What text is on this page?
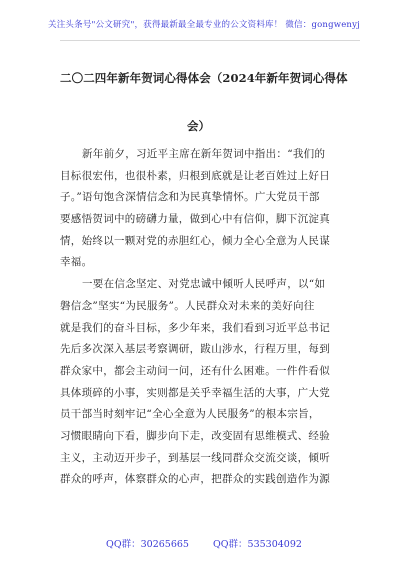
关注头条号"公文研究"，获得最新最全最专业的公文资料库！ 微信：gongwenyj
二〇二四年新年贺词心得体会（2024年新年贺词心得体
会）
新年前夕，习近平主席在新年贺词中指出：“我们的
目标很宏伟，也很朴素，归根到底就是让老百姓过上好日
子。”语句饱含深情信念和为民真挚情怀。广大党员干部
要感悟贺词中的磅礴力量，做到心中有信仰，脚下沉淀真
情，始终以一颗对党的赤胆红心，倾力全心全意为人民谋
幸福。
一要在信念坚定、对党忠诚中倾听人民呼声，以“如
磐信念”坚实“为民服务”。人民群众对未来的美好向往
就是我们的奋斗目标，多少年来，我们看到习近平总书记
先后多次深入基层考察调研，跋山涉水，行程万里，每到
群众家中，都会主动问一问，还有什么困难。一件件看似
具体琐碎的小事，实则都是关乎幸福生活的大事，广大党
员干部当时刻牢记“全心全意为人民服务”的根本宗旨，
习惯眼睛向下看，脚步向下走，改变固有思维模式、经验
主义，主动迈开步子，到基层一线同群众交流交谈，倾听
群众的呼声，体察群众的心声，把群众的实践创造作为源
QQ群：30265665	QQ群：535304092
